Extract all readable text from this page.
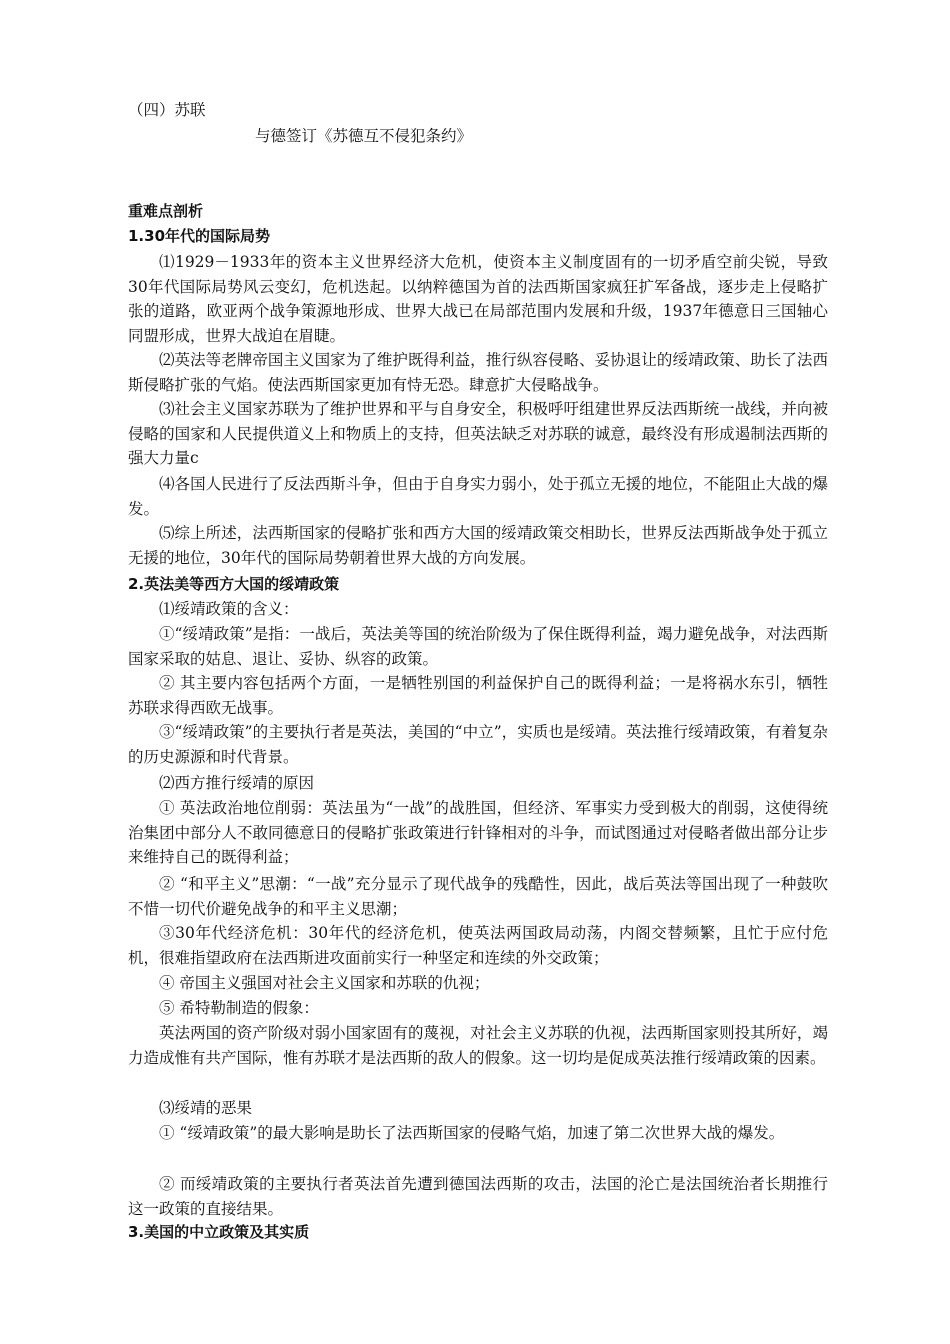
（四）苏联
与德签订《苏德互不侵犯条约》
重难点剖析
1.30年代的国际局势
⑴1929－1933年的资本主义世界经济大危机，使资本主义制度固有的一切矛盾空前尖锐，导致30年代国际局势风云变幻，危机迭起。以纳粹德国为首的法西斯国家疯狂扩军备战，逐步走上侵略扩张的道路，欧亚两个战争策源地形成、世界大战已在局部范围内发展和升级，1937年德意日三国轴心同盟形成，世界大战迫在眉睫。
⑵英法等老牌帝国主义国家为了维护既得利益，推行纵容侵略、妥协退让的绥靖政策、助长了法西斯侵略扩张的气焰。使法西斯国家更加有恃无恐。肆意扩大侵略战争。
⑶社会主义国家苏联为了维护世界和平与自身安全，积极呼吁组建世界反法西斯统一战线，并向被侵略的国家和人民提供道义上和物质上的支持，但英法缺乏对苏联的诚意，最终没有形成遏制法西斯的强大力量c
⑷各国人民进行了反法西斯斗争，但由于自身实力弱小，处于孤立无援的地位，不能阻止大战的爆发。
⑸综上所述，法西斯国家的侵略扩张和西方大国的绥靖政策交相助长，世界反法西斯战争处于孤立无援的地位，30年代的国际局势朝着世界大战的方向发展。
2.英法美等西方大国的绥靖政策
⑴绥靖政策的含义：
①“绥靖政策”是指：一战后，英法美等国的统治阶级为了保住既得利益，竭力避免战争，对法西斯国家采取的姑息、退让、妥协、纵容的政策。
② 其主要内容包括两个方面，一是牺牲别国的利益保护自己的既得利益；一是将祸水东引，牺牲苏联求得西欧无战事。
③“绥靖政策”的主要执行者是英法，美国的“中立”，实质也是绥靖。英法推行绥靖政策，有着复杂的历史源源和时代背景。
⑵西方推行绥靖的原因
① 英法政治地位削弱：英法虽为“一战”的战胜国，但经济、军事实力受到极大的削弱，这使得统治集团中部分人不敢同德意日的侵略扩张政策进行针锋相对的斗争，而试图通过对侵略者做出部分让步来维持自己的既得利益；
② “和平主义”思潮：“一战”充分显示了现代战争的残酷性，因此，战后英法等国出现了一种鼓吹不惜一切代价避免战争的和平主义思潮；
③30年代经济危机：30年代的经济危机，使英法两国政局动荡，内阁交替频繁，且忙于应付危机，很难指望政府在法西斯进攻面前实行一种坚定和连续的外交政策；
④ 帝国主义强国对社会主义国家和苏联的仇视；
⑤ 希特勒制造的假象：
英法两国的资产阶级对弱小国家固有的蔑视，对社会主义苏联的仇视，法西斯国家则投其所好，竭力造成惟有共产国际，惟有苏联才是法西斯的敌人的假象。这一切均是促成英法推行绥靖政策的因素。
⑶绥靖的恶果
① “绥靖政策”的最大影响是助长了法西斯国家的侵略气焰，加速了第二次世界大战的爆发。
② 而绥靖政策的主要执行者英法首先遭到德国法西斯的攻击，法国的沦亡是法国统治者长期推行这一政策的直接结果。
3.美国的中立政策及其实质
